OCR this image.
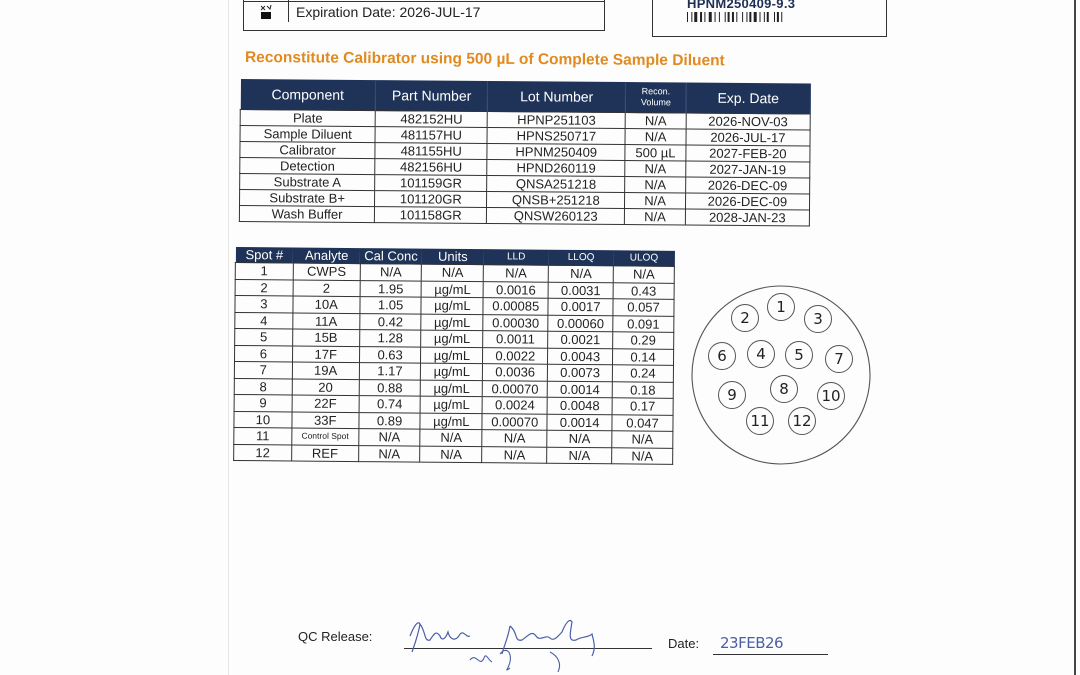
Expiration Date: 2026-JUL-17
HPNM250409-9.3
Reconstitute Calibrator using 500 µL of Complete Sample Diluent
Component	Part Number	Lot Number	Recon. Volume	Exp. Date
Plate	482152HU	HPNP251103	N/A	2026-NOV-03
Sample Diluent	481157HU	HPNS250717	N/A	2026-JUL-17
Calibrator	481155HU	HPNM250409	500 µL	2027-FEB-20
Detection	482156HU	HPND260119	N/A	2027-JAN-19
Substrate A	101159GR	QNSA251218	N/A	2026-DEC-09
Substrate B+	101120GR	QNSB+251218	N/A	2026-DEC-09
Wash Buffer	101158GR	QNSW260123	N/A	2028-JAN-23
Spot #	Analyte	Cal Conc	Units	LLD	LLOQ	ULOQ
1	CWPS	N/A	N/A	N/A	N/A	N/A
2	2	1.95	µg/mL	0.0016	0.0031	0.43
3	10A	1.05	µg/mL	0.00085	0.0017	0.057
4	11A	0.42	µg/mL	0.00030	0.00060	0.091
5	15B	1.28	µg/mL	0.0011	0.0021	0.29
6	17F	0.63	µg/mL	0.0022	0.0043	0.14
7	19A	1.17	µg/mL	0.0036	0.0073	0.24
8	20	0.88	µg/mL	0.00070	0.0014	0.18
9	22F	0.74	µg/mL	0.0024	0.0048	0.17
10	33F	0.89	µg/mL	0.00070	0.0014	0.047
11	Control Spot	N/A	N/A	N/A	N/A	N/A
12	REF	N/A	N/A	N/A	N/A	N/A
1
2	3
4 5
6	7
8
9	10
11 12
QC Release:	Date: 23FEB26
